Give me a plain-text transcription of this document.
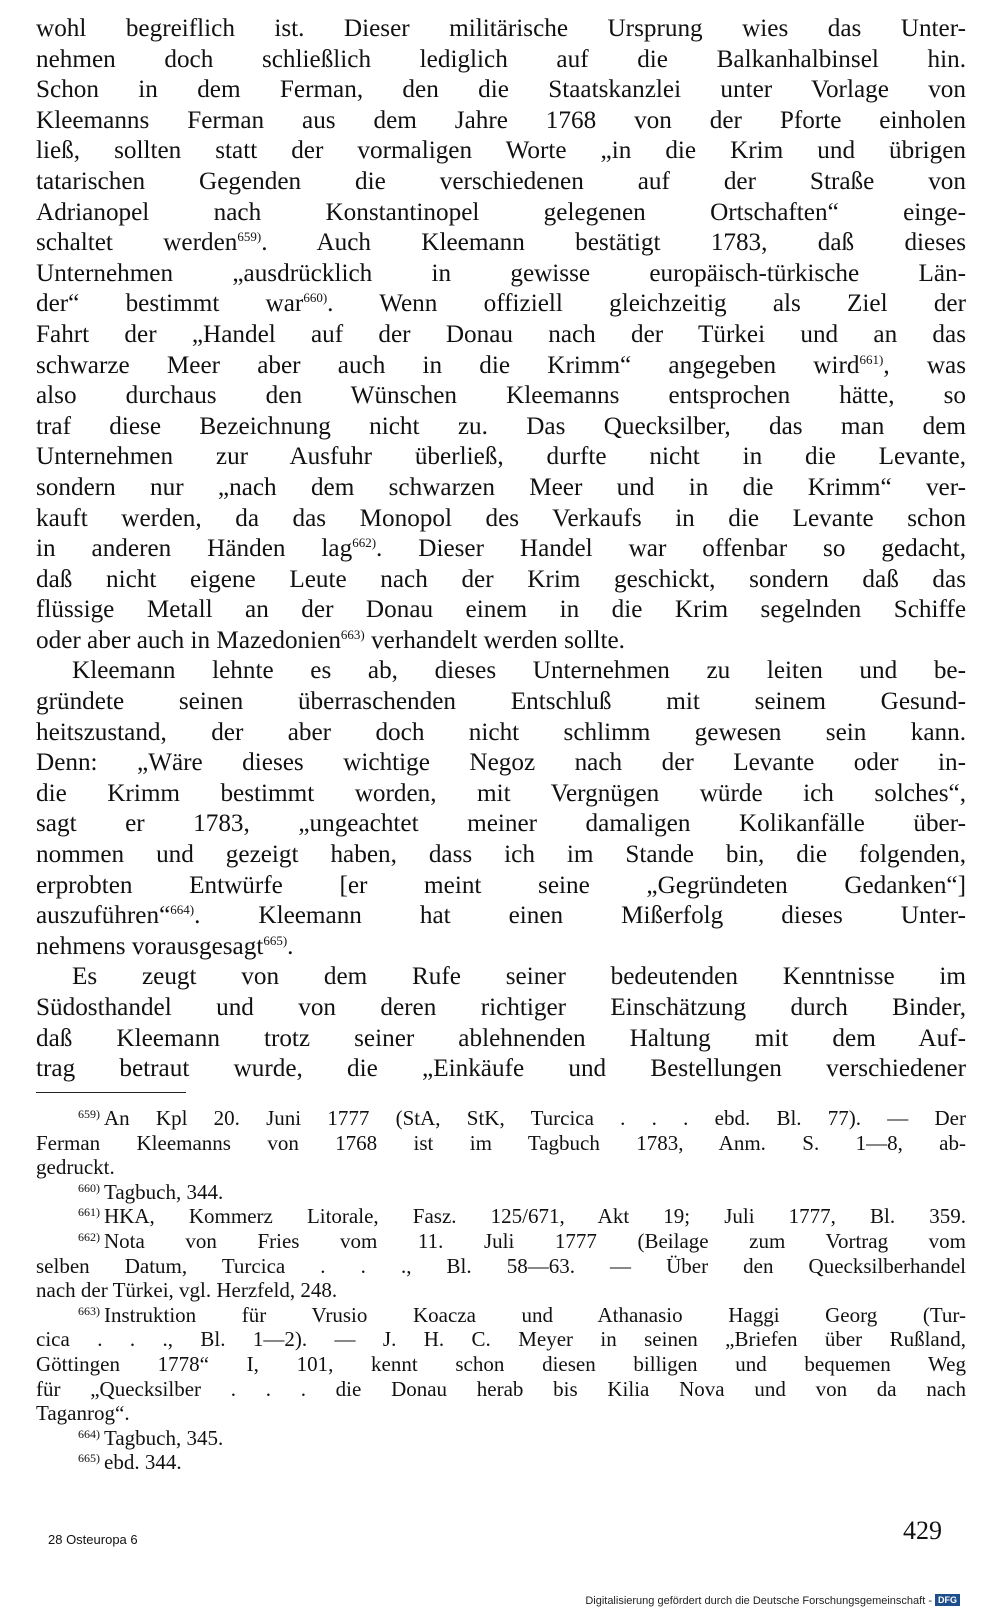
wohl begreiflich ist. Dieser militärische Ursprung wies das Unter-
nehmen doch schließlich lediglich auf die Balkanhalbinsel hin.
Schon in dem Ferman, den die Staatskanzlei unter Vorlage von
Kleemanns Ferman aus dem Jahre 1768 von der Pforte einholen
ließ, sollten statt der vormaligen Worte „in die Krim und übrigen
tatarischen Gegenden die verschiedenen auf der Straße von
Adrianopel nach Konstantinopel gelegenen Ortschaften“ einge-
schaltet werden$^{659)}$. Auch Kleemann bestätigt 1783, daß dieses
Unternehmen „ausdrücklich in gewisse europäisch-türkische Län-
der“ bestimmt war$^{660)}$. Wenn offiziell gleichzeitig als Ziel der
Fahrt der „Handel auf der Donau nach der Türkei und an das
schwarze Meer aber auch in die Krimm“ angegeben wird$^{661)}$, was
also durchaus den Wünschen Kleemanns entsprochen hätte, so
traf diese Bezeichnung nicht zu. Das Quecksilber, das man dem
Unternehmen zur Ausfuhr überließ, durfte nicht in die Levante,
sondern nur „nach dem schwarzen Meer und in die Krimm“ ver-
kauft werden, da das Monopol des Verkaufs in die Levante schon
in anderen Händen lag$^{662)}$. Dieser Handel war offenbar so gedacht,
daß nicht eigene Leute nach der Krim geschickt, sondern daß das
flüssige Metall an der Donau einem in die Krim segelnden Schiffe
oder aber auch in Mazedonien$^{663)}$ verhandelt werden sollte.
Kleemann lehnte es ab, dieses Unternehmen zu leiten und be-
gründete seinen überraschenden Entschluß mit seinem Gesund-
heitszustand, der aber doch nicht schlimm gewesen sein kann.
Denn: „Wäre dieses wichtige Negoz nach der Levante oder in-
die Krimm bestimmt worden, mit Vergnügen würde ich solches“,
sagt er 1783, „ungeachtet meiner damaligen Kolikanfälle über-
nommen und gezeigt haben, dass ich im Stande bin, die folgenden,
erprobten Entwürfe [er meint seine „Gegründeten Gedanken“]
auszuführen“$^{664)}$. Kleemann hat einen Mißerfolg dieses Unter-
nehmens vorausgesagt$^{665)}$.
Es zeugt von dem Rufe seiner bedeutenden Kenntnisse im
Südosthandel und von deren richtiger Einschätzung durch Binder,
daß Kleemann trotz seiner ablehnenden Haltung mit dem Auf-
trag betraut wurde, die „Einkäufe und Bestellungen verschiedener
$^{659)}$ An Kpl 20. Juni 1777 (StA, StK, Turcica . . . ebd. Bl. 77). — Der
Ferman Kleemanns von 1768 ist im Tagbuch 1783, Anm. S. 1—8, ab-
gedruckt.
$^{660)}$ Tagbuch, 344.
$^{661)}$ HKA, Kommerz Litorale, Fasz. 125/671, Akt 19; Juli 1777, Bl. 359.
$^{662)}$ Nota von Fries vom 11. Juli 1777 (Beilage zum Vortrag vom
selben Datum, Turcica . . ., Bl. 58—63. — Über den Quecksilberhandel
nach der Türkei, vgl. Herzfeld, 248.
$^{663)}$ Instruktion für Vrusio Koacza und Athanasio Haggi Georg (Tur-
cica . . ., Bl. 1—2). — J. H. C. Meyer in seinen „Briefen über Rußland,
Göttingen 1778“ I, 101, kennt schon diesen billigen und bequemen Weg
für „Quecksilber . . . die Donau herab bis Kilia Nova und von da nach
Taganrog“.
$^{664)}$ Tagbuch, 345.
$^{665)}$ ebd. 344.
28 Osteuropa 6	429
Digitalisierung gefördert durch die Deutsche Forschungsgemeinschaft - DFG
